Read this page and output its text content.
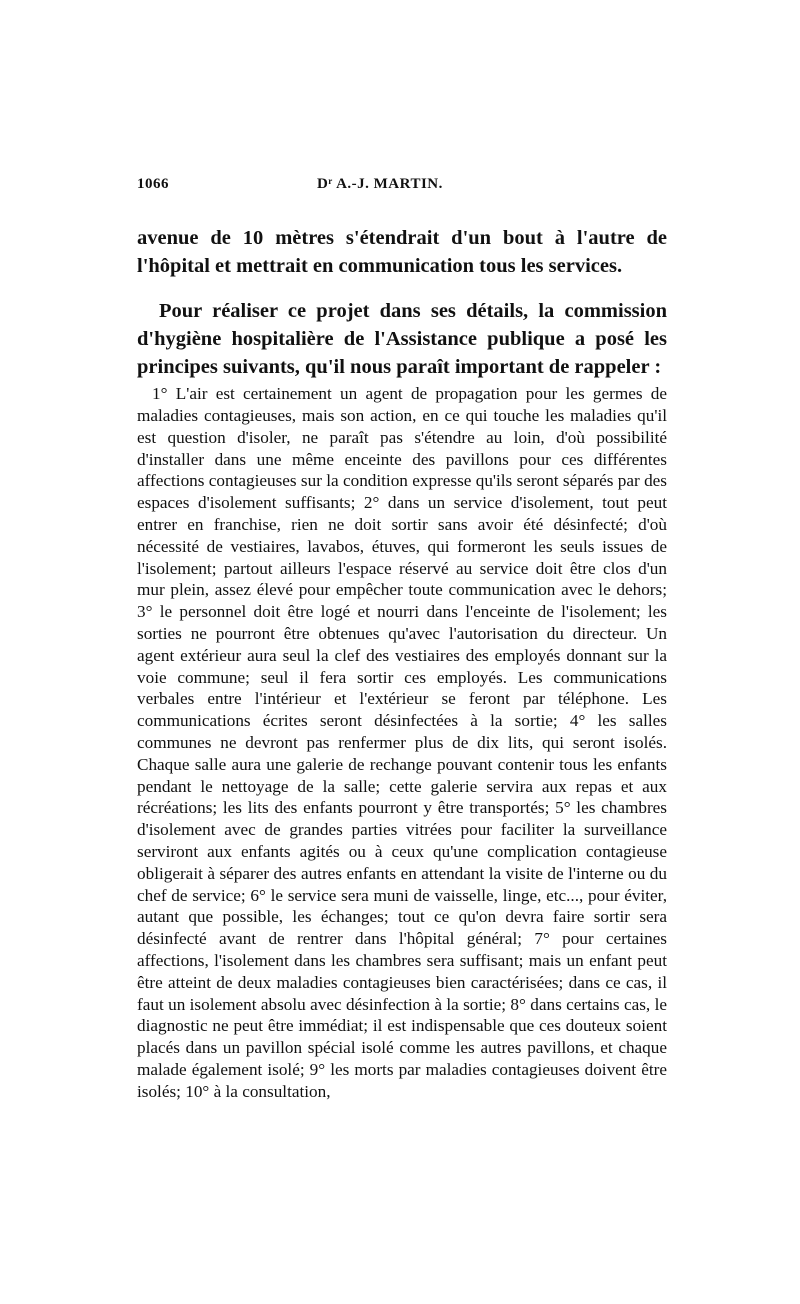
1066	Dʳ A.-J. MARTIN.

avenue de 10 mètres s'étendrait d'un bout à l'autre de l'hôpital et mettrait en communication tous les services.

Pour réaliser ce projet dans ses détails, la commission d'hygiène hospitalière de l'Assistance publique a posé les principes suivants, qu'il nous paraît important de rappeler :

1° L'air est certainement un agent de propagation pour les germes de maladies contagieuses, mais son action, en ce qui touche les maladies qu'il est question d'isoler, ne paraît pas s'étendre au loin, d'où possibilité d'installer dans une même enceinte des pavillons pour ces différentes affections contagieuses sur la condition expresse qu'ils seront séparés par des espaces d'isolement suffisants; 2° dans un service d'isolement, tout peut entrer en franchise, rien ne doit sortir sans avoir été désinfecté; d'où nécessité de vestiaires, lavabos, étuves, qui formeront les seuls issues de l'isolement; partout ailleurs l'espace réservé au service doit être clos d'un mur plein, assez élevé pour empêcher toute communication avec le dehors; 3° le personnel doit être logé et nourri dans l'enceinte de l'isolement; les sorties ne pourront être obtenues qu'avec l'autorisation du directeur. Un agent extérieur aura seul la clef des vestiaires des employés donnant sur la voie commune; seul il fera sortir ces employés. Les communications verbales entre l'intérieur et l'extérieur se feront par téléphone. Les communications écrites seront désinfectées à la sortie; 4° les salles communes ne devront pas renfermer plus de dix lits, qui seront isolés. Chaque salle aura une galerie de rechange pouvant contenir tous les enfants pendant le nettoyage de la salle; cette galerie servira aux repas et aux récréations; les lits des enfants pourront y être transportés; 5° les chambres d'isolement avec de grandes parties vitrées pour faciliter la surveillance serviront aux enfants agités ou à ceux qu'une complication contagieuse obligerait à séparer des autres enfants en attendant la visite de l'interne ou du chef de service; 6° le service sera muni de vaisselle, linge, etc..., pour éviter, autant que possible, les échanges; tout ce qu'on devra faire sortir sera désinfecté avant de rentrer dans l'hôpital général; 7° pour certaines affections, l'isolement dans les chambres sera suffisant; mais un enfant peut être atteint de deux maladies contagieuses bien caractérisées; dans ce cas, il faut un isolement absolu avec désinfection à la sortie; 8° dans certains cas, le diagnostic ne peut être immédiat; il est indispensable que ces douteux soient placés dans un pavillon spécial isolé comme les autres pavillons, et chaque malade également isolé; 9° les morts par maladies contagieuses doivent être isolés; 10° à la consultation,
